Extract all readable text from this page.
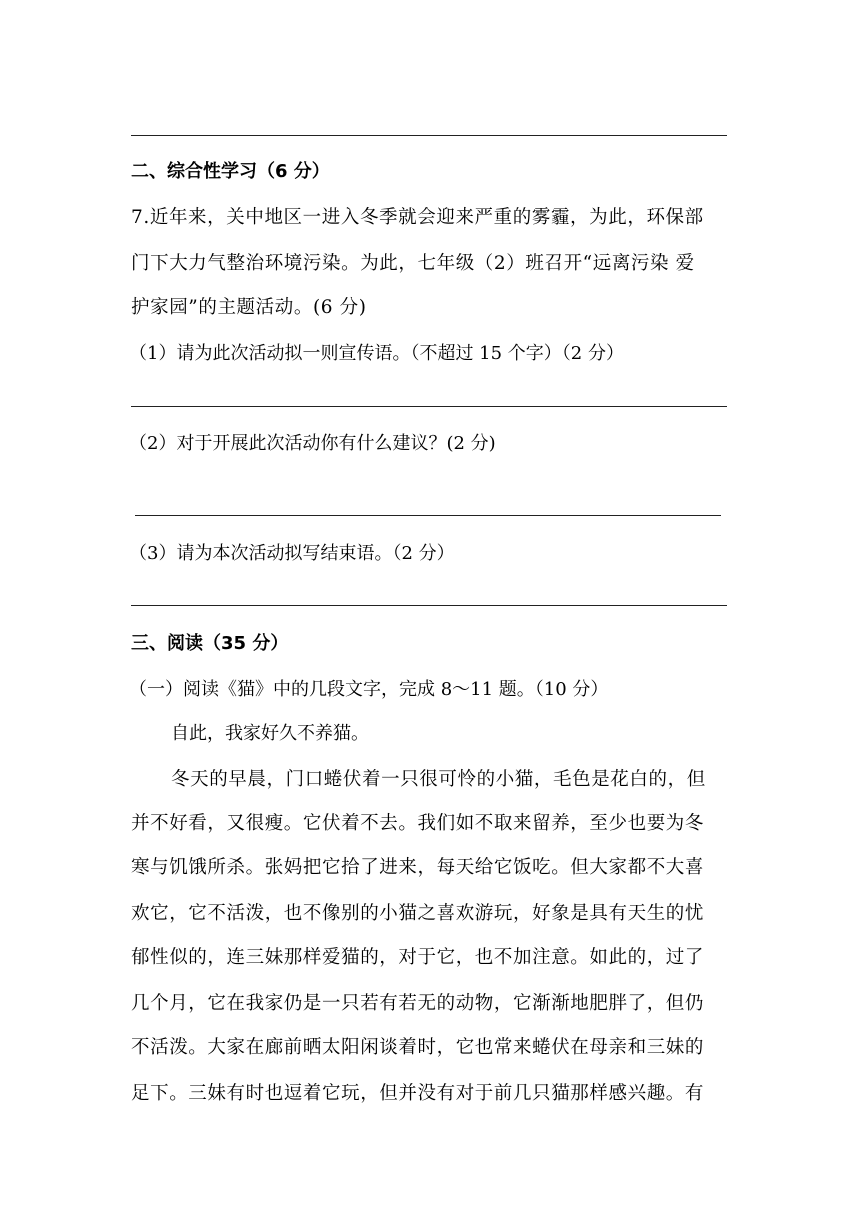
二、综合性学习（6 分）
7.近年来，关中地区一进入冬季就会迎来严重的雾霾，为此，环保部
门下大力气整治环境污染。为此，七年级（2）班召开“远离污染 爱
护家园”的主题活动。(6 分)
（1）请为此次活动拟一则宣传语。（不超过 15 个字）（2 分）
（2）对于开展此次活动你有什么建议？(2 分)
（3）请为本次活动拟写结束语。（2 分）
三、阅读（35 分）
（一）阅读《猫》中的几段文字，完成 8～11 题。（10 分）
自此，我家好久不养猫。
冬天的早晨，门口蜷伏着一只很可怜的小猫，毛色是花白的，但
并不好看，又很瘦。它伏着不去。我们如不取来留养，至少也要为冬
寒与饥饿所杀。张妈把它拾了进来，每天给它饭吃。但大家都不大喜
欢它，它不活泼，也不像别的小猫之喜欢游玩，好象是具有天生的忧
郁性似的，连三妹那样爱猫的，对于它，也不加注意。如此的，过了
几个月，它在我家仍是一只若有若无的动物，它渐渐地肥胖了，但仍
不活泼。大家在廊前晒太阳闲谈着时，它也常来蜷伏在母亲和三妹的
足下。三妹有时也逗着它玩，但并没有对于前几只猫那样感兴趣。有
